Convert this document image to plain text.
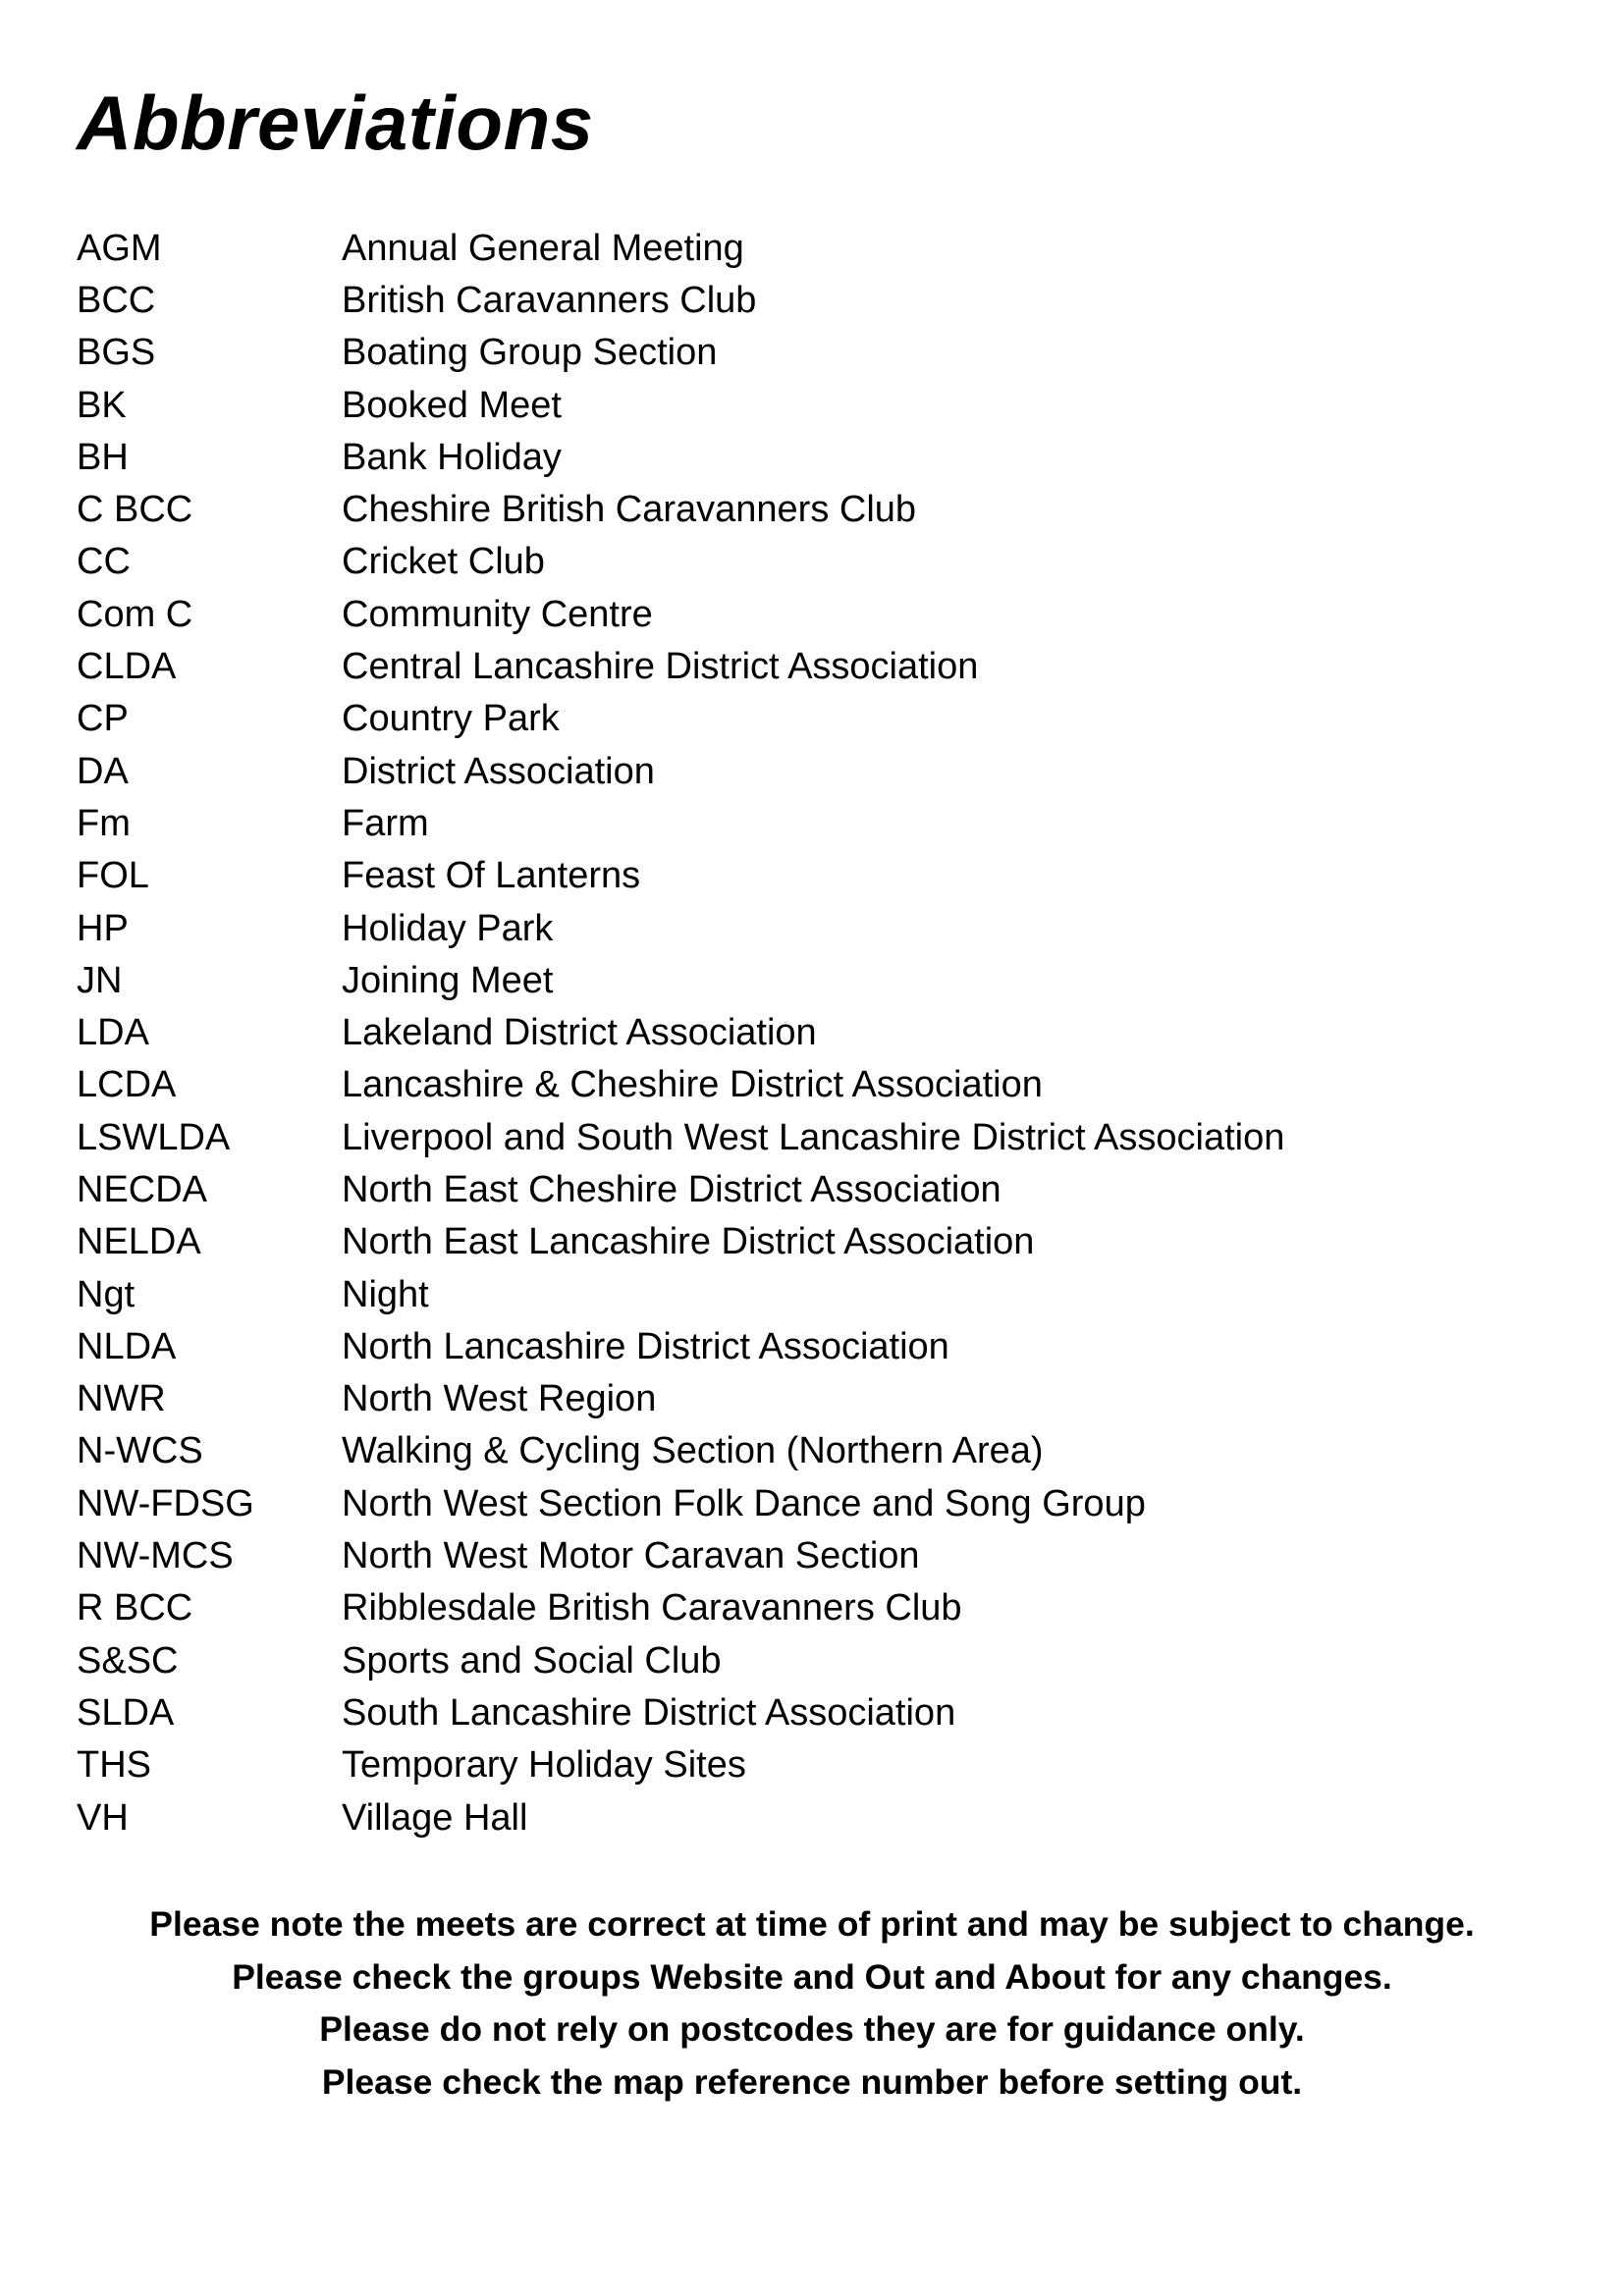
Abbreviations
AGM	Annual General Meeting
BCC	British Caravanners Club
BGS	Boating Group Section
BK	Booked Meet
BH	Bank Holiday
C BCC	Cheshire British Caravanners Club
CC	Cricket Club
Com C	Community Centre
CLDA	Central Lancashire District Association
CP	Country Park
DA	District Association
Fm	Farm
FOL	Feast Of Lanterns
HP	Holiday Park
JN	Joining Meet
LDA	Lakeland District Association
LCDA	Lancashire & Cheshire District Association
LSWLDA	Liverpool and South West Lancashire District Association
NECDA	North East Cheshire District Association
NELDA	North East Lancashire District Association
Ngt	Night
NLDA	North Lancashire District Association
NWR	North West Region
N-WCS	Walking & Cycling Section (Northern Area)
NW-FDSG	North West Section Folk Dance and Song Group
NW-MCS	North West Motor Caravan Section
R BCC	Ribblesdale British Caravanners Club
S&SC	Sports and Social Club
SLDA	South Lancashire District Association
THS	Temporary Holiday Sites
VH	Village Hall
Please note the meets are correct at time of print and may be subject to change.
Please check the groups Website and Out and About for any changes.
Please do not rely on postcodes they are for guidance only.
Please check the map reference number before setting out.
